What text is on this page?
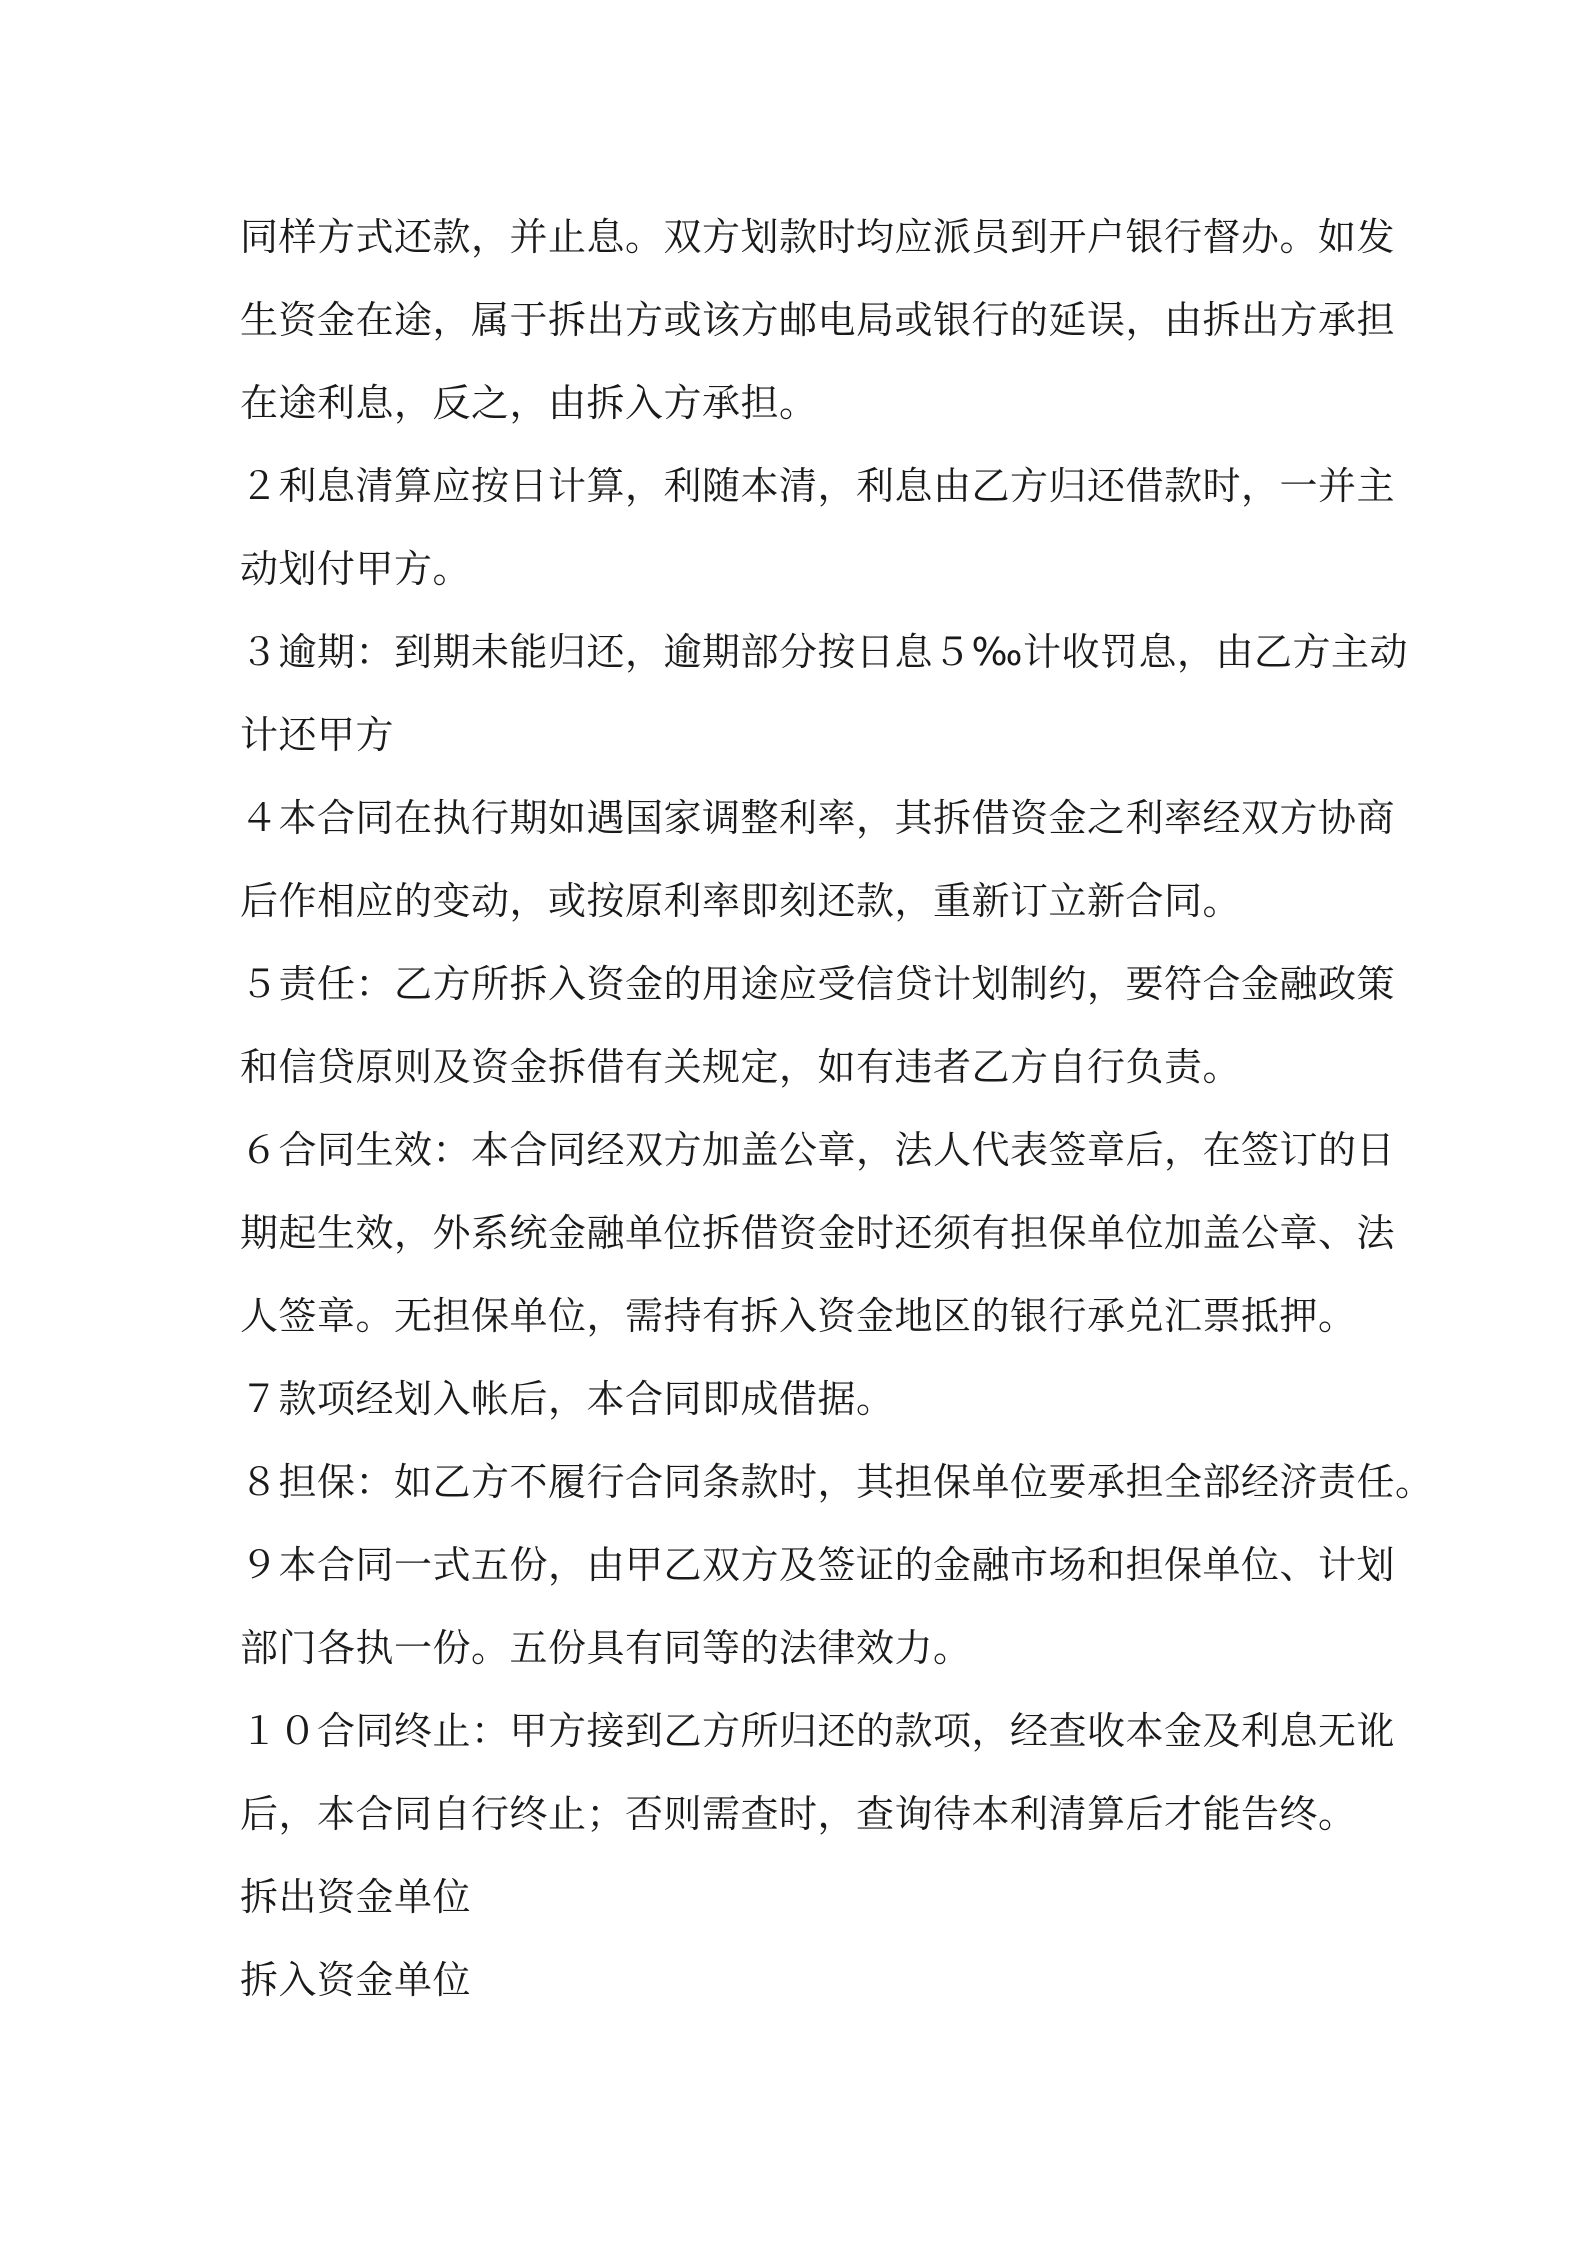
同样方式还款，并止息。双方划款时均应派员到开户银行督办。如发
生资金在途，属于拆出方或该方邮电局或银行的延误，由拆出方承担
在途利息，反之，由拆入方承担。
２利息清算应按日计算，利随本清，利息由乙方归还借款时，一并主
动划付甲方。
３逾期：到期未能归还，逾期部分按日息５‰计收罚息，由乙方主动
计还甲方
４本合同在执行期如遇国家调整利率，其拆借资金之利率经双方协商
后作相应的变动，或按原利率即刻还款，重新订立新合同。
５责任：乙方所拆入资金的用途应受信贷计划制约，要符合金融政策
和信贷原则及资金拆借有关规定，如有违者乙方自行负责。
６合同生效：本合同经双方加盖公章，法人代表签章后，在签订的日
期起生效，外系统金融单位拆借资金时还须有担保单位加盖公章、法
人签章。无担保单位，需持有拆入资金地区的银行承兑汇票抵押。
７款项经划入帐后，本合同即成借据。
８担保：如乙方不履行合同条款时，其担保单位要承担全部经济责任。
９本合同一式五份，由甲乙双方及签证的金融市场和担保单位、计划
部门各执一份。五份具有同等的法律效力。
１０合同终止：甲方接到乙方所归还的款项，经查收本金及利息无讹
后，本合同自行终止；否则需查时，查询待本利清算后才能告终。

拆出资金单位

拆入资金单位
